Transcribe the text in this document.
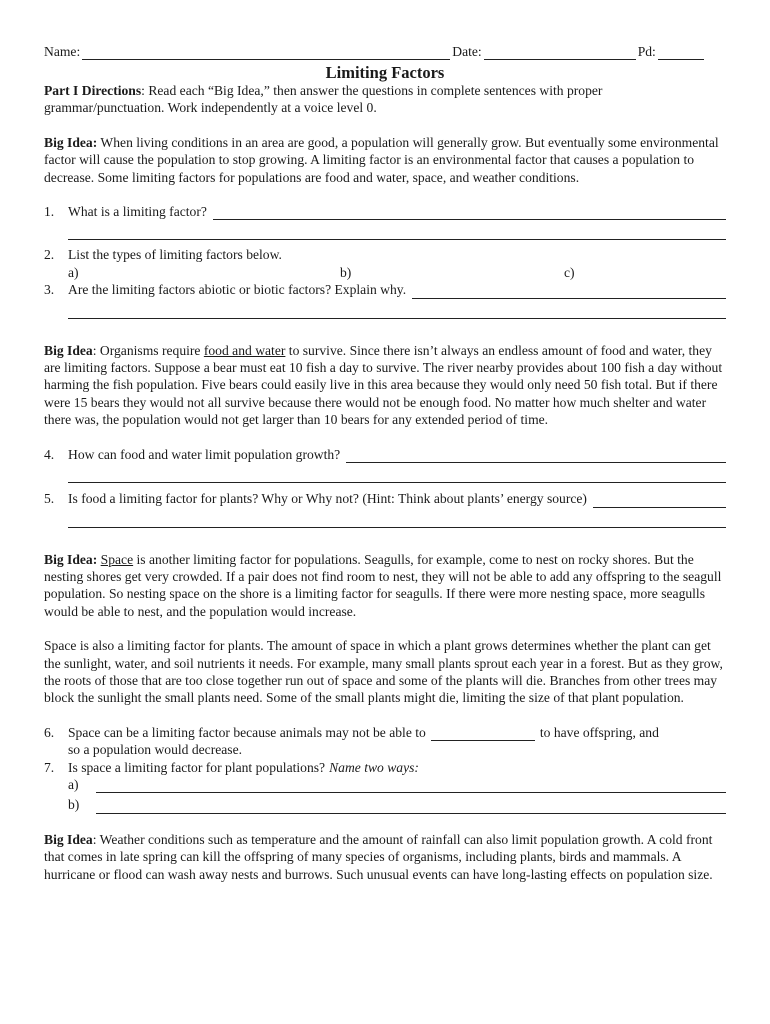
Name:	Date:	Pd:
Limiting Factors

Part I Directions: Read each “Big Idea,” then answer the questions in complete sentences with proper grammar/punctuation. Work independently at a voice level 0.

Big Idea: When living conditions in an area are good, a population will generally grow. But eventually some environmental factor will cause the population to stop growing. A limiting factor is an environmental factor that causes a population to decrease. Some limiting factors for populations are food and water, space, and weather conditions.

1.	What is a limiting factor?
2.	List the types of limiting factors below.
a)	b)	c)
3.	Are the limiting factors abiotic or biotic factors? Explain why.

Big Idea: Organisms require food and water to survive. Since there isn’t always an endless amount of food and water, they are limiting factors. Suppose a bear must eat 10 fish a day to survive. The river nearby provides about 100 fish a day without harming the fish population. Five bears could easily live in this area because they would only need 50 fish total. But if there were 15 bears they would not all survive because there would not be enough food. No matter how much shelter and water there was, the population would not get larger than 10 bears for any extended period of time.

4.	How can food and water limit population growth?
5.	Is food a limiting factor for plants? Why or Why not? (Hint: Think about plants’ energy source)

Big Idea: Space is another limiting factor for populations. Seagulls, for example, come to nest on rocky shores. But the nesting shores get very crowded. If a pair does not find room to nest, they will not be able to add any offspring to the seagull population. So nesting space on the shore is a limiting factor for seagulls. If there were more nesting space, more seagulls would be able to nest, and the population would increase.

Space is also a limiting factor for plants. The amount of space in which a plant grows determines whether the plant can get the sunlight, water, and soil nutrients it needs. For example, many small plants sprout each year in a forest. But as they grow, the roots of those that are too close together run out of space and some of the plants will die. Branches from other trees may block the sunlight the small plants need. Some of the small plants might die, limiting the size of that plant population.

6.	Space can be a limiting factor because animals may not be able to	to have offspring, and
so a population would decrease.
7.	Is space a limiting factor for plant populations? Name two ways:
a)
b)

Big Idea: Weather conditions such as temperature and the amount of rainfall can also limit population growth. A cold front that comes in late spring can kill the offspring of many species of organisms, including plants, birds and mammals. A hurricane or flood can wash away nests and burrows. Such unusual events can have long-lasting effects on population size.
